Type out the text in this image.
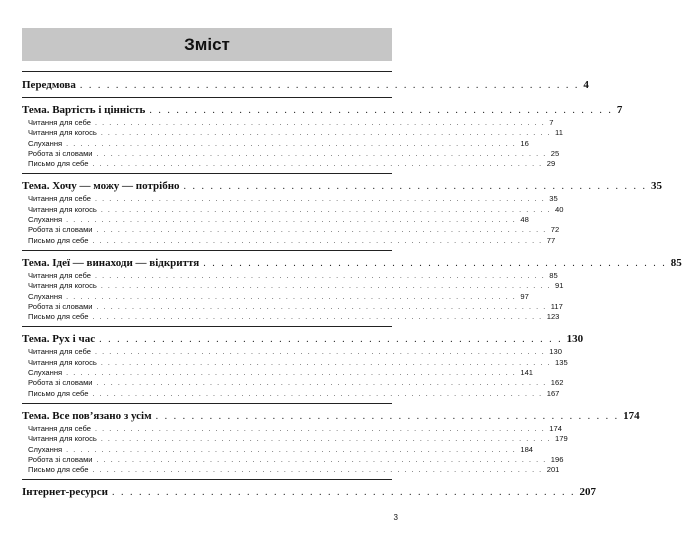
Зміст
Передмова . . . . . . . . . . . . . . . . . . . . . . . . . . . . . . . . . . . . . . . . . . . . . . . . . . . . . . . . 4
Тема. Вартість і цінність . . . . . . . . . . . . . . . . . . . . . . . . . . . . . . . . . . . . . . . . . . . . . . . . . . . . 7
Читання для себе . . . . . . . . . . . . . . . . . . . . . . . . . . . . . . . . . . . . . . . . . . . . . . . . . . . . . . . . . . . . . . . . 7
Читання для когось . . . . . . . . . . . . . . . . . . . . . . . . . . . . . . . . . . . . . . . . . . . . . . . . . . . . . . . . . . . . . . . . 11
Слухання . . . . . . . . . . . . . . . . . . . . . . . . . . . . . . . . . . . . . . . . . . . . . . . . . . . . . . . . . . . . . . . . 16
Робота зі словами . . . . . . . . . . . . . . . . . . . . . . . . . . . . . . . . . . . . . . . . . . . . . . . . . . . . . . . . . . . . . . . . 25
Письмо для себе . . . . . . . . . . . . . . . . . . . . . . . . . . . . . . . . . . . . . . . . . . . . . . . . . . . . . . . . . . . . . . . . 29
Тема. Хочу — можу — потрібно . . . . . . . . . . . . . . . . . . . . . . . . . . . . . . . . . . . . . . . . . . . . . . . . . . . . 35
Читання для себе . . . . . . . . . . . . . . . . . . . . . . . . . . . . . . . . . . . . . . . . . . . . . . . . . . . . . . . . . . . . . . . . 35
Читання для когось . . . . . . . . . . . . . . . . . . . . . . . . . . . . . . . . . . . . . . . . . . . . . . . . . . . . . . . . . . . . . . . . 40
Слухання . . . . . . . . . . . . . . . . . . . . . . . . . . . . . . . . . . . . . . . . . . . . . . . . . . . . . . . . . . . . . . . . 48
Робота зі словами . . . . . . . . . . . . . . . . . . . . . . . . . . . . . . . . . . . . . . . . . . . . . . . . . . . . . . . . . . . . . . . . 72
Письмо для себе . . . . . . . . . . . . . . . . . . . . . . . . . . . . . . . . . . . . . . . . . . . . . . . . . . . . . . . . . . . . . . . . 77
Тема. Ідеї — винаходи — відкриття . . . . . . . . . . . . . . . . . . . . . . . . . . . . . . . . . . . . . . . . . . . . . . . . . . . . 85
Читання для себе . . . . . . . . . . . . . . . . . . . . . . . . . . . . . . . . . . . . . . . . . . . . . . . . . . . . . . . . . . . . . . . . 85
Читання для когось . . . . . . . . . . . . . . . . . . . . . . . . . . . . . . . . . . . . . . . . . . . . . . . . . . . . . . . . . . . . . . . . 91
Слухання . . . . . . . . . . . . . . . . . . . . . . . . . . . . . . . . . . . . . . . . . . . . . . . . . . . . . . . . . . . . . . . . 97
Робота зі словами . . . . . . . . . . . . . . . . . . . . . . . . . . . . . . . . . . . . . . . . . . . . . . . . . . . . . . . . . . . . . . . . 117
Письмо для себе . . . . . . . . . . . . . . . . . . . . . . . . . . . . . . . . . . . . . . . . . . . . . . . . . . . . . . . . . . . . . . . . 123
Тема. Рух і час . . . . . . . . . . . . . . . . . . . . . . . . . . . . . . . . . . . . . . . . . . . . . . . . . . . . 130
Читання для себе . . . . . . . . . . . . . . . . . . . . . . . . . . . . . . . . . . . . . . . . . . . . . . . . . . . . . . . . . . . . . . . . 130
Читання для когось . . . . . . . . . . . . . . . . . . . . . . . . . . . . . . . . . . . . . . . . . . . . . . . . . . . . . . . . . . . . . . . . 135
Слухання . . . . . . . . . . . . . . . . . . . . . . . . . . . . . . . . . . . . . . . . . . . . . . . . . . . . . . . . . . . . . . . . 141
Робота зі словами . . . . . . . . . . . . . . . . . . . . . . . . . . . . . . . . . . . . . . . . . . . . . . . . . . . . . . . . . . . . . . . . 162
Письмо для себе . . . . . . . . . . . . . . . . . . . . . . . . . . . . . . . . . . . . . . . . . . . . . . . . . . . . . . . . . . . . . . . . 167
Тема. Все пов’язано з усім . . . . . . . . . . . . . . . . . . . . . . . . . . . . . . . . . . . . . . . . . . . . . . . . . . . . 174
Читання для себе . . . . . . . . . . . . . . . . . . . . . . . . . . . . . . . . . . . . . . . . . . . . . . . . . . . . . . . . . . . . . . . . 174
Читання для когось . . . . . . . . . . . . . . . . . . . . . . . . . . . . . . . . . . . . . . . . . . . . . . . . . . . . . . . . . . . . . . . . 179
Слухання . . . . . . . . . . . . . . . . . . . . . . . . . . . . . . . . . . . . . . . . . . . . . . . . . . . . . . . . . . . . . . . . 184
Робота зі словами . . . . . . . . . . . . . . . . . . . . . . . . . . . . . . . . . . . . . . . . . . . . . . . . . . . . . . . . . . . . . . . . 196
Письмо для себе . . . . . . . . . . . . . . . . . . . . . . . . . . . . . . . . . . . . . . . . . . . . . . . . . . . . . . . . . . . . . . . . 201
Інтернет-ресурси . . . . . . . . . . . . . . . . . . . . . . . . . . . . . . . . . . . . . . . . . . . . . . . . . . . . 207
3
